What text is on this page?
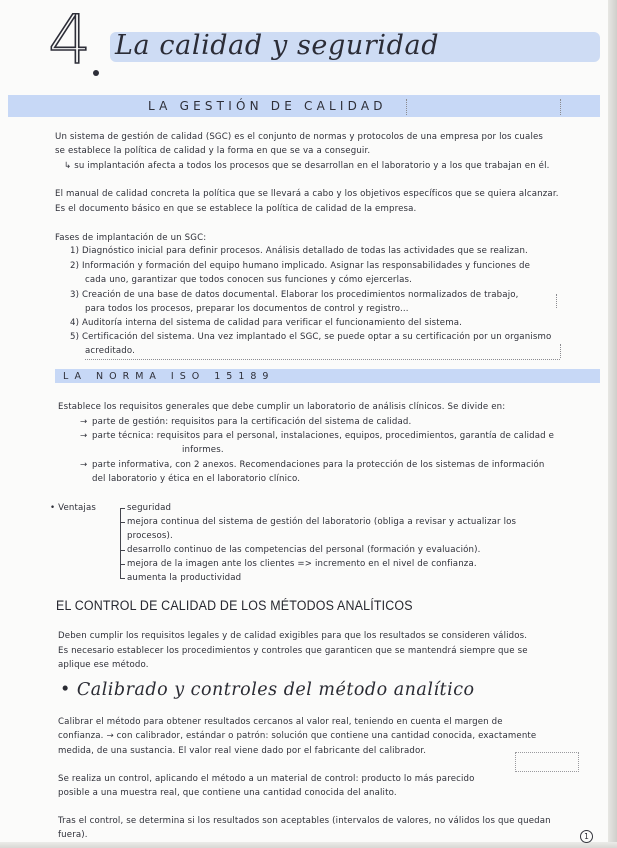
4 La calidad y seguridad
LA GESTIÓN DE CALIDAD
Un sistema de gestión de calidad (SGC) es el conjunto de normas y protocolos de una empresa por los cuales
se establece la política de calidad y la forma en que se va a conseguir.
↳ su implantación afecta a todos los procesos que se desarrollan en el laboratorio y a los que trabajan en él.
El manual de calidad concreta la política que se llevará a cabo y los objetivos específicos que se quiera alcanzar.
Es el documento básico en que se establece la política de calidad de la empresa.
Fases de implantación de un SGC:
1) Diagnóstico inicial para definir procesos. Análisis detallado de todas las actividades que se realizan.
2) Información y formación del equipo humano implicado. Asignar las responsabilidades y funciones de
cada uno, garantizar que todos conocen sus funciones y cómo ejercerlas.
3) Creación de una base de datos documental. Elaborar los procedimientos normalizados de trabajo,
para todos los procesos, preparar los documentos de control y registro...
4) Auditoría interna del sistema de calidad para verificar el funcionamiento del sistema.
5) Certificación del sistema. Una vez implantado el SGC, se puede optar a su certificación por un organismo
acreditado.
LA NORMA ISO 15189
Establece los requisitos generales que debe cumplir un laboratorio de análisis clínicos. Se divide en:
parte de gestión: requisitos para la certificación del sistema de calidad.
parte técnica: requisitos para el personal, instalaciones, equipos, procedimientos, garantía de calidad e
informes.
parte informativa, con 2 anexos. Recomendaciones para la protección de los sistemas de información
del laboratorio y ética en el laboratorio clínico.
→
→
→
• Ventajas	seguridad
mejora continua del sistema de gestión del laboratorio (obliga a revisar y actualizar los
procesos).
desarrollo continuo de las competencias del personal (formación y evaluación).
mejora de la imagen ante los clientes => incremento en el nivel de confianza.
aumenta la productividad
EL CONTROL DE CALIDAD DE LOS MÉTODOS ANALÍTICOS
Deben cumplir los requisitos legales y de calidad exigibles para que los resultados se consideren válidos.
Es necesario establecer los procedimientos y controles que garanticen que se mantendrá siempre que se
aplique ese método.
• Calibrado y controles del método analítico
Calibrar el método para obtener resultados cercanos al valor real, teniendo en cuenta el margen de
confianza. → con calibrador, estándar o patrón: solución que contiene una cantidad conocida, exactamente
medida, de una sustancia. El valor real viene dado por el fabricante del calibrador.
Se realiza un control, aplicando el método a un material de control: producto lo más parecido
posible a una muestra real, que contiene una cantidad conocida del analito.
Tras el control, se determina si los resultados son aceptables (intervalos de valores, no válidos los que quedan
fuera).	1
